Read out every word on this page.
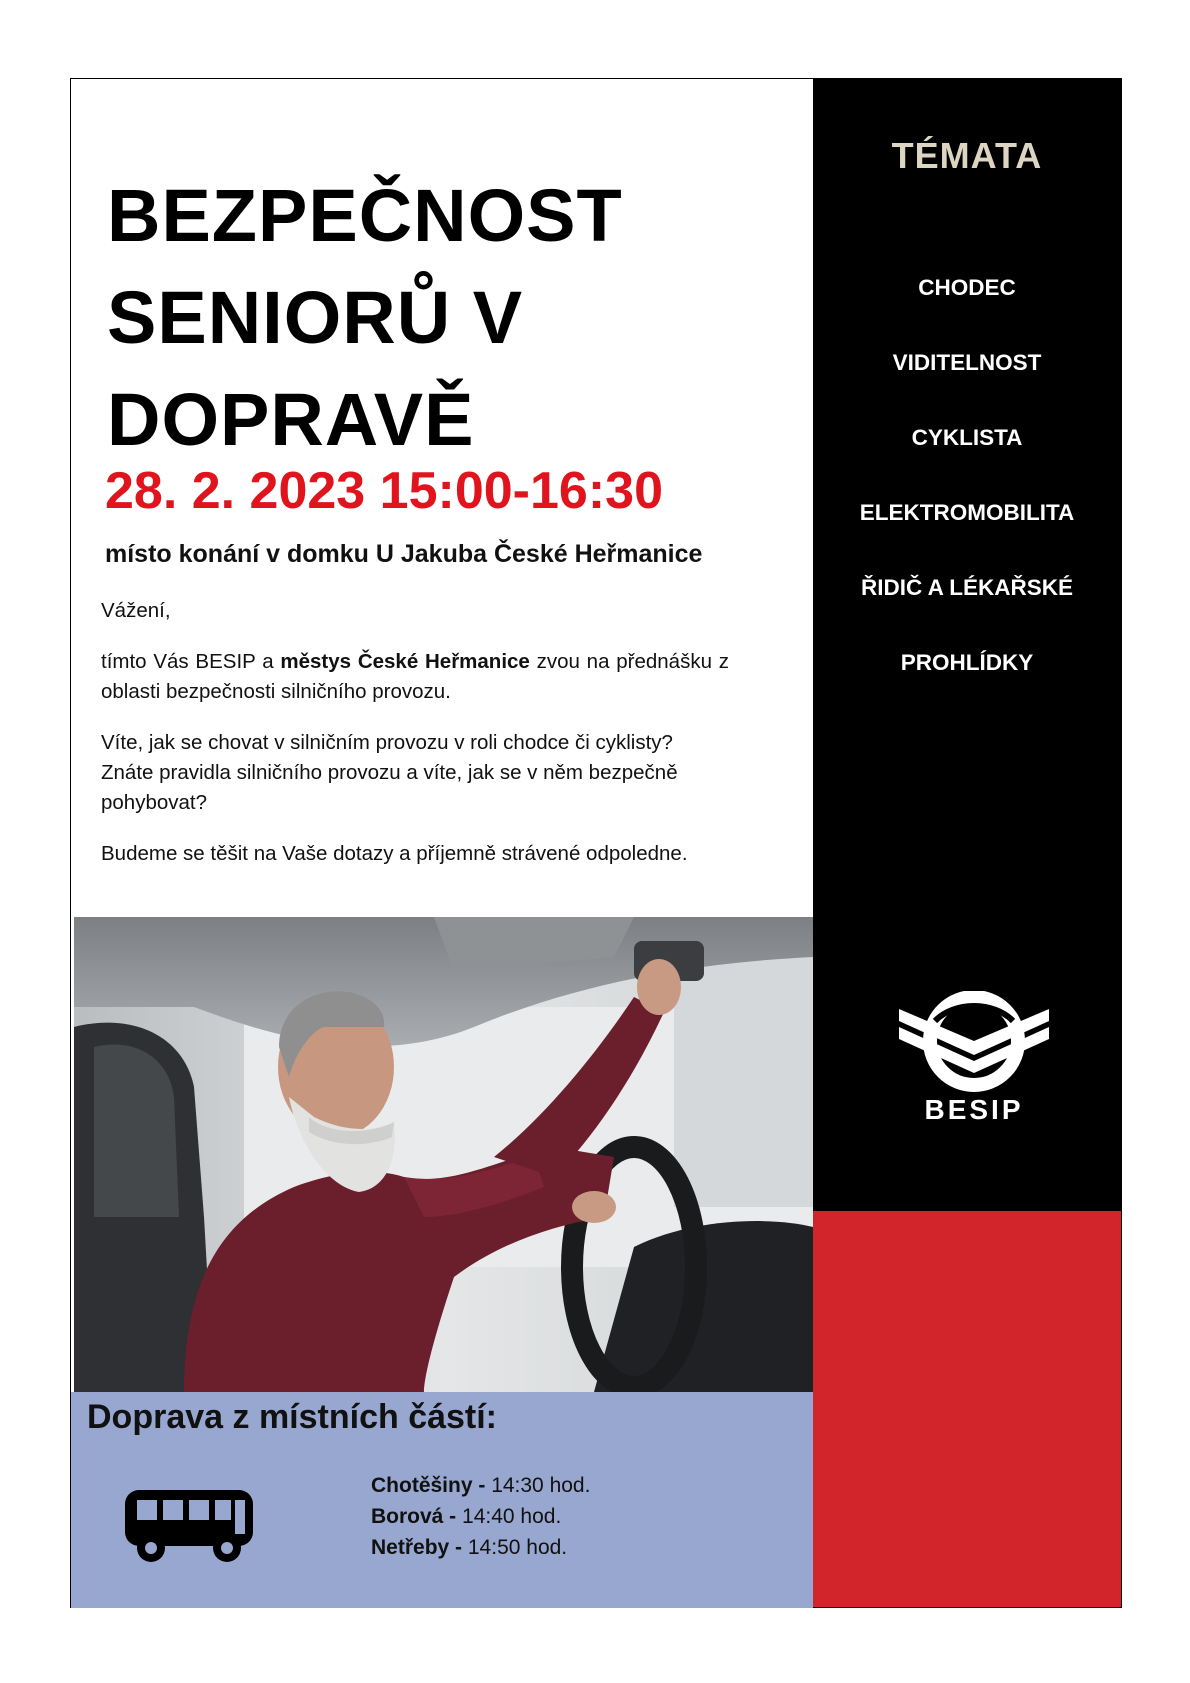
BEZPEČNOST
SENIORŮ V
DOPRAVĚ
28. 2. 2023 15:00-16:30
místo konání v domku U Jakuba České Heřmanice

Vážení,

tímto Vás BESIP a městys České Heřmanice zvou na přednášku z oblasti bezpečnosti silničního provozu.

Víte, jak se chovat v silničním provozu v roli chodce či cyklisty? Znáte pravidla silničního provozu a víte, jak se v něm bezpečně pohybovat?

Budeme se těšit na Vaše dotazy a příjemně strávené odpoledne.

Doprava z místních částí:
Chotěšiny - 14:30 hod.
Borová - 14:40 hod.
Netřeby - 14:50 hod.
TÉMATA
CHODEC
VIDITELNOST
CYKLISTA
ELEKTROMOBILITA
ŘIDIČ A LÉKAŘSKÉ
PROHLÍDKY
BESIP
